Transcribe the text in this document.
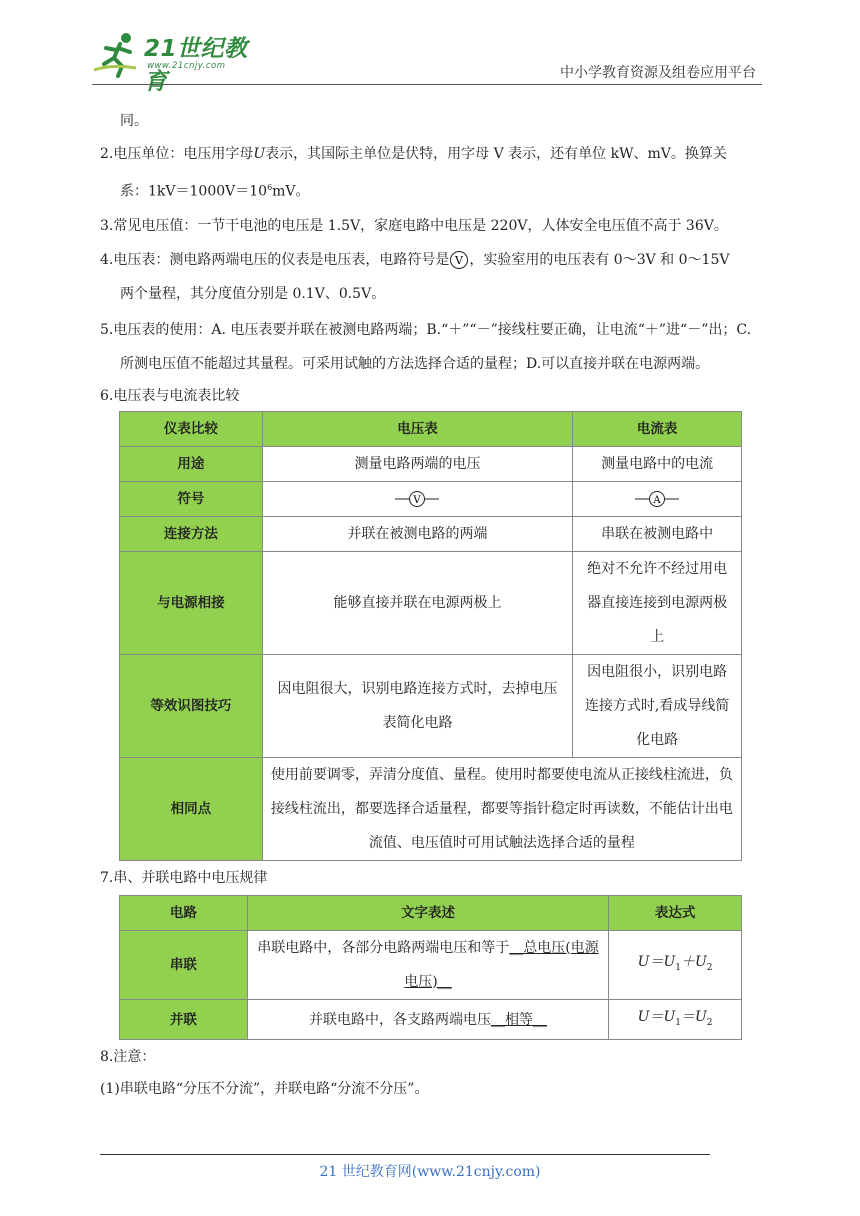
21世纪教育
www.21cnjy.com	中小学教育资源及组卷应用平台

同。

2.电压单位：电压用字母U表示，其国际主单位是伏特，用字母 V 表示，还有单位 kW、mV。换算关
系：$1kV=1000V=10^6mV$。

3.常见电压值：一节干电池的电压是 1.5V，家庭电路中电压是 220V，人体安全电压值不高于 36V。

4.电压表：测电路两端电压的仪表是电压表，电路符号是 V ，实验室用的电压表有 0～3V 和 0～15V
两个量程，其分度值分别是 0.1V、0.5V。

5.电压表的使用：A. 电压表要并联在被测电路两端；B.“＋”“－”接线柱要正确，让电流“＋”进“－”出；C. 所测电压值不能超过其量程。可采用试触的方法选择合适的量程；D.可以直接并联在电源两端。

6.电压表与电流表比较

仪表比较	电压表	电流表
用途	测量电路两端的电压	测量电路中的电流
符号	V	A

连接方法	并联在被测电路的两端	串联在被测电路中
与电源相接	能够直接并联在电源两极上	绝对不允许不经过用电器直接连接到电源两极上
等效识图技巧	因电阻很大，识别电路连接方式时，去掉电压表简化电路	因电阻很小，识别电路连接方式时,看成导线简化电路
相同点	使用前要调零，弄清分度值、量程。使用时都要使电流从正接线柱流进，负接线柱流出，都要选择合适量程，都要等指针稳定时再读数，不能估计出电流值、电压值时可用试触法选择合适的量程	

7.串、并联电路中电压规律

电路	文字表述	表达式
串联	串联电路中，各部分电路两端电压和等于__总电压(电源电压)__	$U=U_1+U_2$
并联	并联电路中，各支路两端电压__相等__	$U=U_1=U_2$

8.注意：

(1)串联电路“分压不分流”，并联电路“分流不分压”。

21 世纪教育网(www.21cnjy.com)
